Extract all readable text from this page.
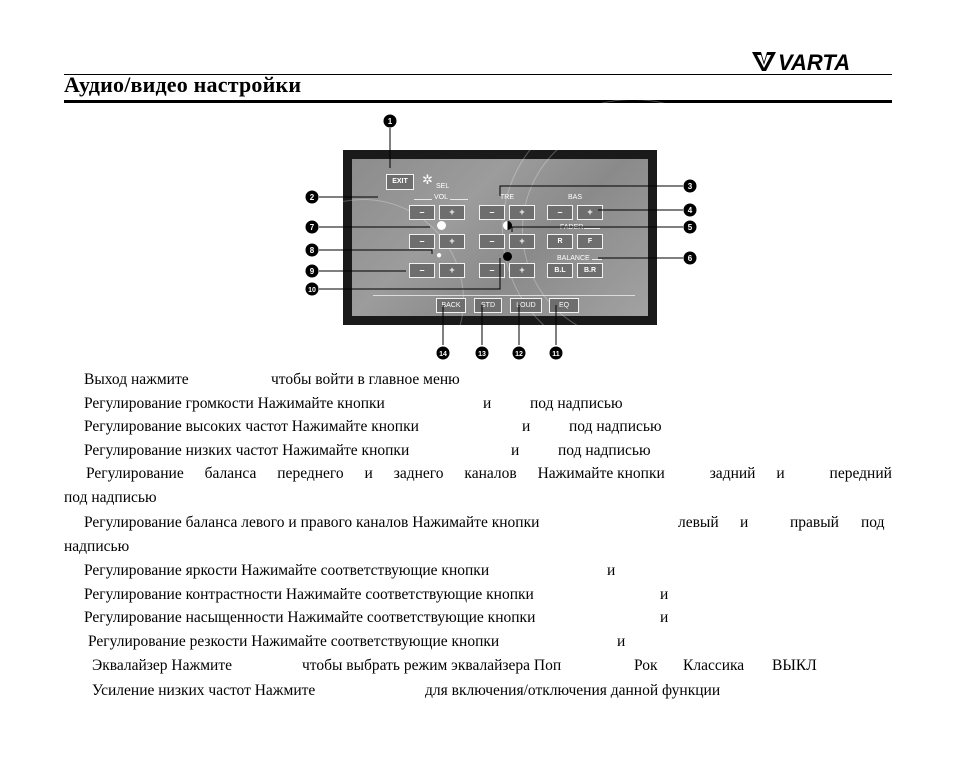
VARTA
Аудио/видео настройки
EXIT	✲ SEL
VOL	TRE	BAS
–	+	–	+	–	+
FADER
–	+	–	+	R	F
●	BALANCE
–	+	–	+	B.L	B.R
BACK	STD	LOUD	EQ
1
2
3
4
5
6
7
8
9
10
11
12
13
14
Выход нажмите	чтобы войти в главное меню
Регулирование громкости Нажимайте кнопки	и под надписью
Регулирование высоких частот Нажимайте кнопки	и под надписью
Регулирование низких частот Нажимайте кнопки	и под надписью
Регулирование баланса переднего и заднего каналов Нажимайте кнопки	задний и	передний
под надписью
Регулирование баланса левого и правого каналов Нажимайте кнопки	левый и	правый под
надписью
Регулирование яркости Нажимайте соответствующие кнопки	и
Регулирование контрастности Нажимайте соответствующие кнопки	и
Регулирование насыщенности Нажимайте соответствующие кнопки	и
Регулирование резкости Нажимайте соответствующие кнопки	и
Эквалайзер Нажмите	чтобы выбрать режим эквалайзера Поп	Рок Классика ВЫКЛ
Усиление низких частот Нажмите	для включения/отключения данной функции
